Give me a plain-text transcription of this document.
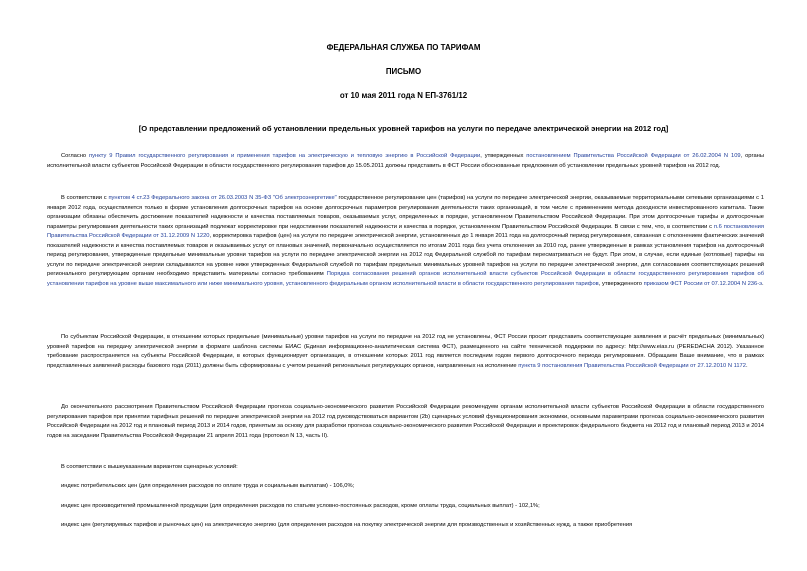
ФЕДЕРАЛЬНАЯ СЛУЖБА ПО ТАРИФАМ
ПИСЬМО
от 10 мая 2011 года N ЕП-3761/12
[О представлении предложений об установлении предельных уровней тарифов на услуги по передаче электрической энергии на 2012 год]
Согласно пункту 9 Правил государственного регулирования и применения тарифов на электрическую и тепловую энергию в Российской Федерации, утвержденных постановлением Правительства Российской Федерации от 26.02.2004 N 109, органы исполнительной власти субъектов Российской Федерации в области государственного регулирования тарифов до 15.05.2011 должны представить в ФСТ России обоснованные предложения об установлении предельных уровней тарифов на 2012 год.
В соответствии с пунктом 4 ст.23 Федерального закона от 26.03.2003 N 35-ФЗ "Об электроэнергетике" государственное регулирование цен (тарифов) на услуги по передаче электрической энергии, оказываемые территориальными сетевыми организациями с 1 января 2012 года, осуществляется только в форме установления долгосрочных тарифов на основе долгосрочных параметров регулирования деятельности таких организаций, в том числе с применением метода доходности инвестированного капитала. Такие организации обязаны обеспечить достижение показателей надежности и качества поставляемых товаров, оказываемых услуг, определенных в порядке, установленном Правительством Российской Федерации. При этом долгосрочные тарифы и долгосрочные параметры регулирования деятельности таких организаций подлежат корректировке при недостижении показателей надежности и качества в порядке, установленном Правительством Российской Федерации. В связи с тем, что, в соответствии с п.6 постановления Правительства Российской Федерации от 31.12.2009 N 1220, корректировка тарифов (цен) на услуги по передаче электрической энергии, установленных до 1 января 2011 года на долгосрочный период регулирования, связанная с отклонением фактических значений показателей надежности и качества поставляемых товаров и оказываемых услуг от плановых значений, первоначально осуществляется по итогам 2011 года без учета отклонения за 2010 год, ранее утвержденные в рамках установления тарифов на долгосрочный период регулирования, утвержденные предельные минимальные уровни тарифов на услуги по передаче электрической энергии на 2012 год Федеральной службой по тарифам пересматриваться не будут. При этом, в случае, если единые (котловые) тарифы на услуги по передаче электрической энергии складываются на уровне ниже утвержденных Федеральной службой по тарифам предельных минимальных уровней тарифов на услуги по передаче электрической энергии, для согласования соответствующих решений регионального регулирующим органам необходимо представить материалы согласно требованиям Порядка согласования решений органов исполнительной власти субъектов Российской Федерации в области государственного регулирования тарифов об установлении тарифов на уровне выше максимального или ниже минимального уровня, установленного федеральным органом исполнительной власти в области государственного регулирования тарифов, утвержденного приказом ФСТ России от 07.12.2004 N 236-э.
По субъектам Российской Федерации, в отношении которых предельные (минимальные) уровни тарифов на услуги по передаче на 2012 год не установлены, ФСТ России просит представить соответствующие заявления и расчёт предельных (минимальных) уровней тарифов на передачу электрической энергии в формате шаблона системы ЕИАС (Единая информационно-аналитическая система ФСТ), размещенного на сайте технической поддержки по адресу: http://www.eias.ru (PEREDACHA 2012). Указанное требование распространяется на субъекты Российской Федерации, в которых функционирует организация, в отношении которых 2011 год является последним годом первого долгосрочного периода регулирования. Обращаем Ваше внимание, что в рамках представленных заявлений расходы базового года (2011) должны быть сформированы с учетом решений региональных регулирующих органов, направленных на исполнение пункта 9 постановления Правительства Российской Федерации от 27.12.2010 N 1172.
До окончательного рассмотрения Правительством Российской Федерации прогноза социально-экономического развития Российской Федерации рекомендуем органам исполнительной власти субъектов Российской Федерации в области государственного регулирования тарифов при принятии тарифных решений по передаче электрической энергии на 2012 год руководствоваться вариантом (2b) сценарных условий функционирования экономики, основными параметрами прогноза социально-экономического развития Российской Федерации на 2012 год и плановый период 2013 и 2014 годов, принятым за основу для разработки прогноза социально-экономического развития Российской Федерации и проектировок федерального бюджета на 2012 год и плановый период 2013 и 2014 годов на заседании Правительства Российской Федерации 21 апреля 2011 года (протокол N 13, часть II).
В соответствии с вышеуказанным вариантом сценарных условий:
индекс потребительских цен (для определения расходов по оплате труда и социальным выплатам) - 106,0%;
индекс цен производителей промышленной продукции (для определения расходов по статьям условно-постоянных расходов, кроме оплаты труда, социальных выплат) - 102,1%;
индекс цен (регулируемых тарифов и рыночных цен) на электрическую энергию (для определения расходов на покупку электрической энергии для производственных и хозяйственных нужд, а также приобретения
